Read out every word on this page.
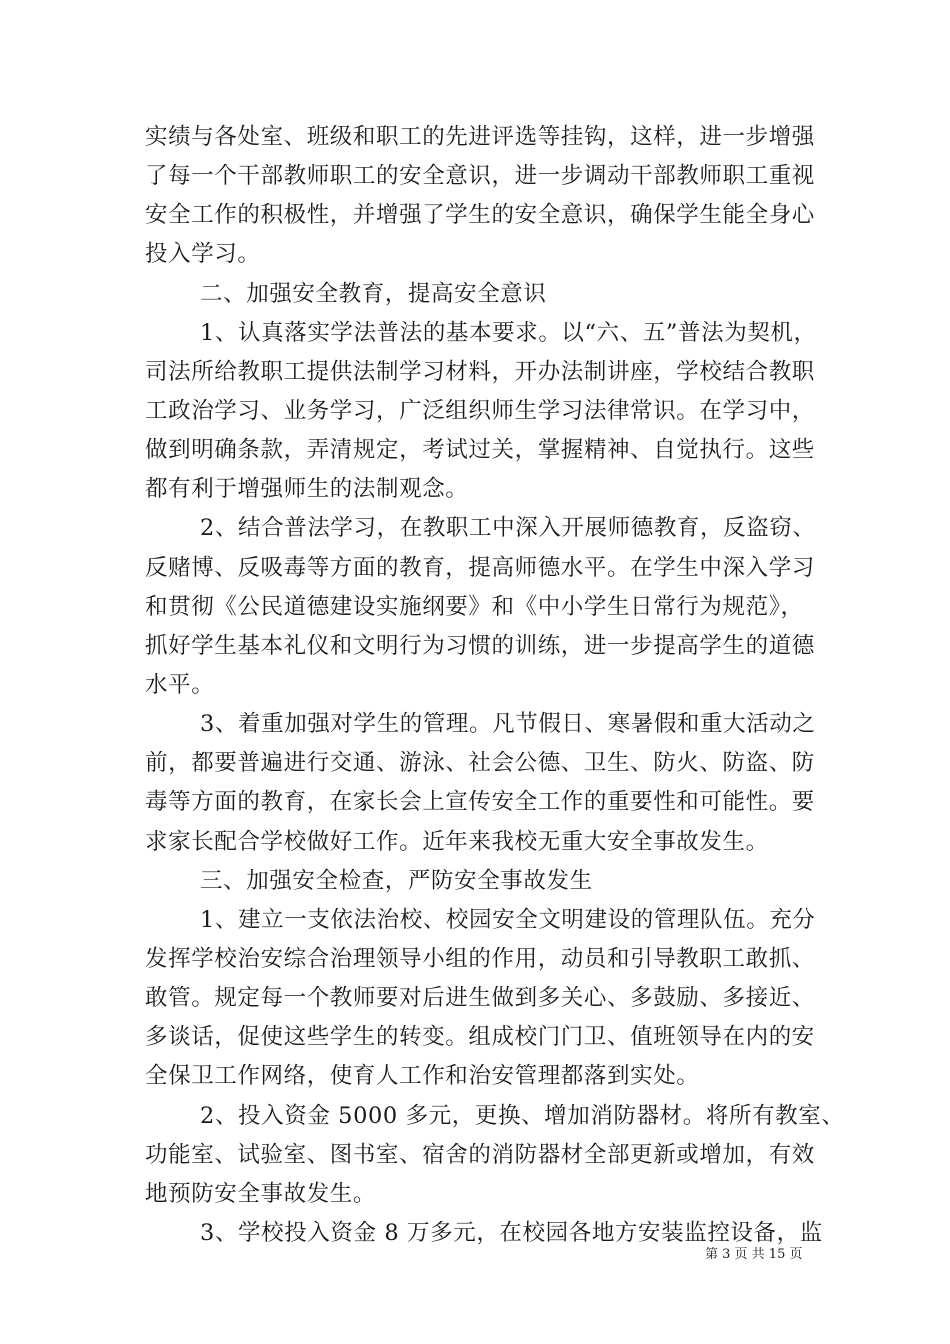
实绩与各处室、班级和职工的先进评选等挂钩，这样，进一步增强
了每一个干部教师职工的安全意识，进一步调动干部教师职工重视
安全工作的积极性，并增强了学生的安全意识，确保学生能全身心
投入学习。
二、加强安全教育，提高安全意识
1、认真落实学法普法的基本要求。以“六、五”普法为契机，
司法所给教职工提供法制学习材料，开办法制讲座，学校结合教职
工政治学习、业务学习，广泛组织师生学习法律常识。在学习中，
做到明确条款，弄清规定，考试过关，掌握精神、自觉执行。这些
都有利于增强师生的法制观念。
2、结合普法学习，在教职工中深入开展师德教育，反盗窃、
反赌博、反吸毒等方面的教育，提高师德水平。在学生中深入学习
和贯彻《公民道德建设实施纲要》和《中小学生日常行为规范》，
抓好学生基本礼仪和文明行为习惯的训练，进一步提高学生的道德
水平。
3、着重加强对学生的管理。凡节假日、寒暑假和重大活动之
前，都要普遍进行交通、游泳、社会公德、卫生、防火、防盗、防
毒等方面的教育，在家长会上宣传安全工作的重要性和可能性。要
求家长配合学校做好工作。近年来我校无重大安全事故发生。
三、加强安全检查，严防安全事故发生
1、建立一支依法治校、校园安全文明建设的管理队伍。充分
发挥学校治安综合治理领导小组的作用，动员和引导教职工敢抓、
敢管。规定每一个教师要对后进生做到多关心、多鼓励、多接近、
多谈话，促使这些学生的转变。组成校门门卫、值班领导在内的安
全保卫工作网络，使育人工作和治安管理都落到实处。
2、投入资金 5000 多元，更换、增加消防器材。将所有教室、
功能室、试验室、图书室、宿舍的消防器材全部更新或增加，有效
地预防安全事故发生。
3、学校投入资金 8 万多元，在校园各地方安装监控设备，监
第 3 页 共 15 页
